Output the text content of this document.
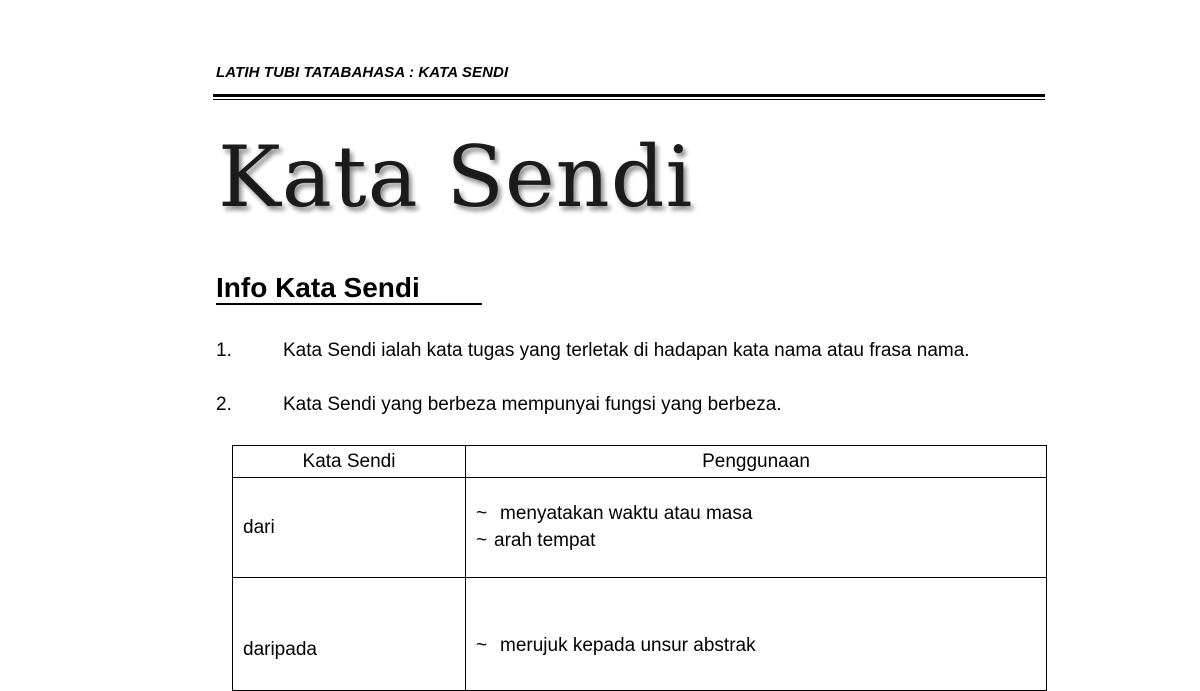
LATIH TUBI TATABAHASA : KATA SENDI
Kata Sendi
Info Kata Sendi
1.	Kata Sendi ialah kata tugas yang terletak di hadapan kata nama atau frasa nama.
2.	Kata Sendi yang berbeza mempunyai fungsi yang berbeza.
Kata Sendi	Penggunaan
dari	~ menyatakan waktu atau masa
~ arah tempat

daripada	~ merujuk kepada unsur abstrak
